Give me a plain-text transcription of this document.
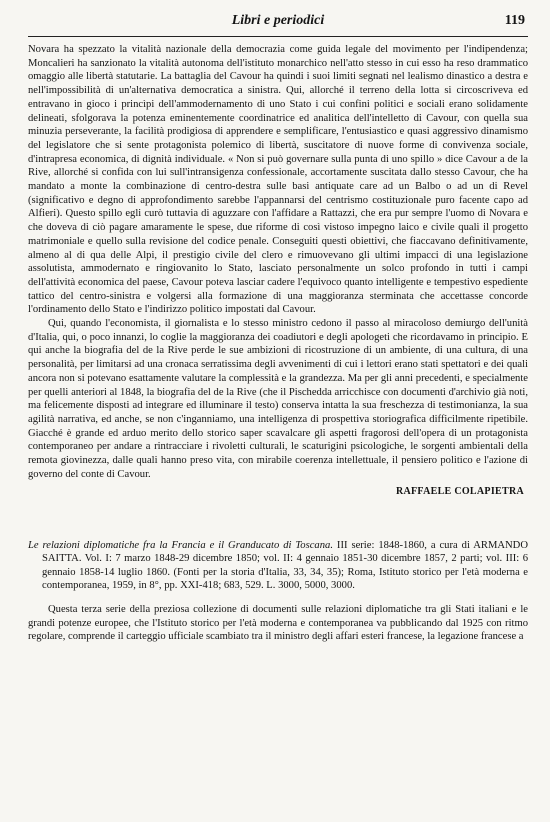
Libri e periodici	119

Novara ha spezzato la vitalità nazionale della democrazia come guida legale del movimento per l'indipendenza; Moncalieri ha sanzionato la vitalità autonoma dell'istituto monarchico nell'atto stesso in cui esso ha reso drammatico omaggio alle libertà statutarie. La battaglia del Cavour ha quindi i suoi limiti segnati nel lealismo dinastico a destra e nell'impossibilità di un'alternativa democratica a sinistra. Qui, allorché il terreno della lotta si circoscriveva ed entravano in gioco i princìpi dell'ammodernamento di uno Stato i cui confini politici e sociali erano solidamente delineati, sfolgorava la potenza eminentemente coordinatrice ed analitica dell'intelletto di Cavour, con quella sua minuzia perseverante, la facilità prodigiosa di apprendere e semplificare, l'entusiastico e quasi aggressivo dinamismo del legislatore che si sente protagonista polemico di libertà, suscitatore di nuove forme di convivenza sociale, d'intrapresa economica, di dignità individuale. « Non si può governare sulla punta di uno spillo » dice Cavour a de la Rive, allorché si confida con lui sull'intransigenza confessionale, accortamente suscitata dallo stesso Cavour, che ha mandato a monte la combinazione di centro-destra sulle basi antiquate care ad un Balbo o ad un di Revel (significativo e degno di approfondimento sarebbe l'appannarsi del centrismo costituzionale puro facente capo ad Alfieri). Questo spillo egli curò tuttavia di aguzzare con l'affidare a Rattazzi, che era pur sempre l'uomo di Novara e che doveva di ciò pagare amaramente le spese, due riforme di così vistoso impegno laico e civile quali il progetto matrimoniale e quello sulla revisione del codice penale. Conseguiti questi obiettivi, che fiaccavano definitivamente, almeno al di qua delle Alpi, il prestigio civile del clero e rimuovevano gli ultimi impacci di una legislazione assolutista, ammodernato e ringiovanito lo Stato, lasciato personalmente un solco profondo in tutti i campi dell'attività economica del paese, Cavour poteva lasciar cadere l'equivoco quanto intelligente e tempestivo espediente tattico del centro-sinistra e volgersi alla formazione di una maggioranza sterminata che accettasse concorde l'ordinamento dello Stato e l'indirizzo politico impostati dal Cavour.

Qui, quando l'economista, il giornalista e lo stesso ministro cedono il passo al miracoloso demiurgo dell'unità d'Italia, qui, o poco innanzi, lo coglie la maggioranza dei coadiutori e degli apologeti che ricordavamo in principio. E qui anche la biografia del de la Rive perde le sue ambizioni di ricostruzione di un ambiente, di una cultura, di una personalità, per limitarsi ad una cronaca serratissima degli avvenimenti di cui i lettori erano stati spettatori e dei quali ancora non si potevano esattamente valutare la complessità e la grandezza. Ma per gli anni precedenti, e specialmente per quelli anteriori al 1848, la biografia del de la Rive (che il Pischedda arricchisce con documenti d'archivio già noti, ma felicemente disposti ad integrare ed illuminare il testo) conserva intatta la sua freschezza di testimonianza, la sua agilità narrativa, ed anche, se non c'inganniamo, una intelligenza di prospettiva storiografica difficilmente ripetibile. Giacché è grande ed arduo merito dello storico saper scavalcare gli aspetti fragorosi dell'opera di un protagonista contemporaneo per andare a rintracciare i rivoletti culturali, le scaturigini psicologiche, le sorgenti ambientali della remota giovinezza, dalle quali hanno preso vita, con mirabile coerenza intellettuale, il pensiero politico e l'azione di governo del conte di Cavour.

RAFFAELE COLAPIETRA

Le relazioni diplomatiche fra la Francia e il Granducato di Toscana. III serie: 1848-1860, a cura di ARMANDO SAITTA. Vol. I: 7 marzo 1848-29 dicembre 1850; vol. II: 4 gennaio 1851-30 dicembre 1857, 2 parti; vol. III: 6 gennaio 1858-14 luglio 1860. (Fonti per la storia d'Italia, 33, 34, 35); Roma, Istituto storico per l'età moderna e contemporanea, 1959, in 8°, pp. XXI-418; 683, 529. L. 3000, 5000, 3000.

Questa terza serie della preziosa collezione di documenti sulle relazioni diplomatiche tra gli Stati italiani e le grandi potenze europee, che l'Istituto storico per l'età moderna e contemporanea va pubblicando dal 1925 con ritmo regolare, comprende il carteggio ufficiale scambiato tra il ministro degli affari esteri francese, la legazione francese a
